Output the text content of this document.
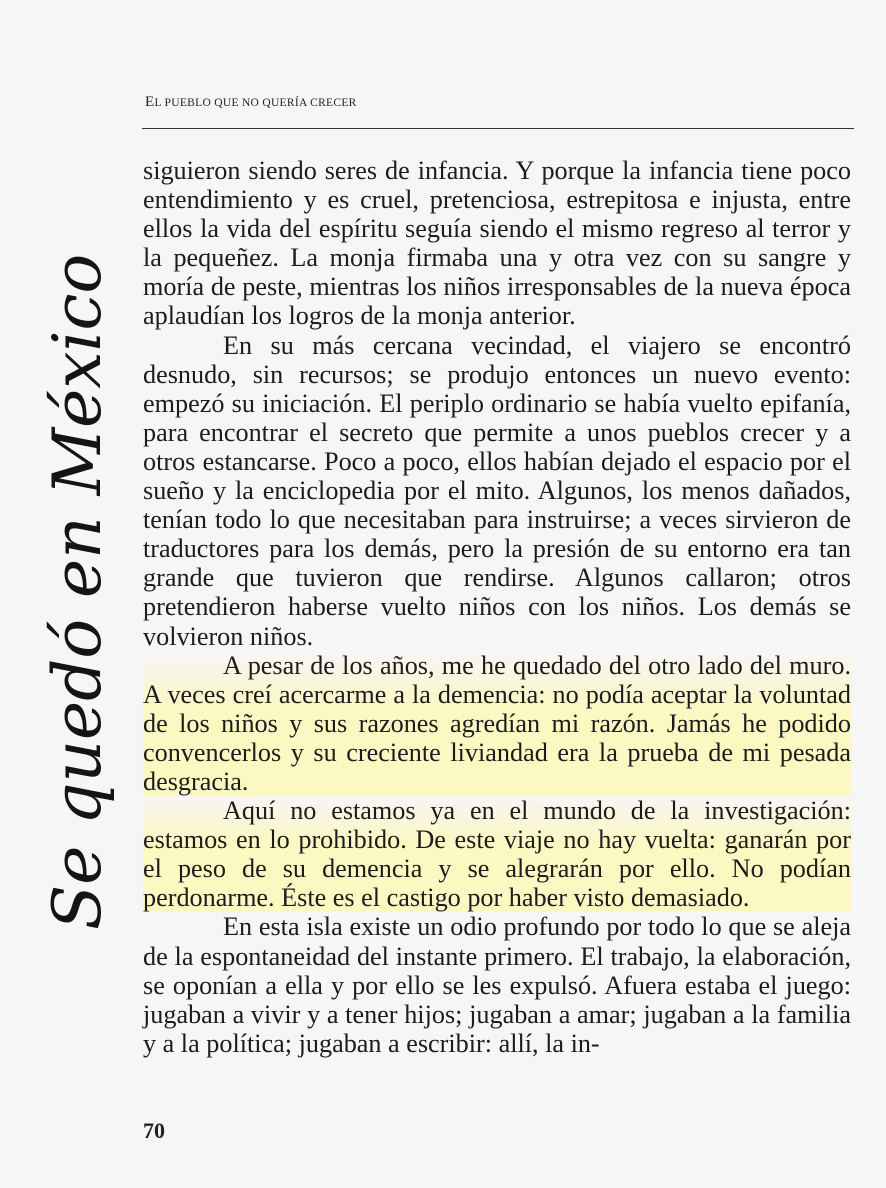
EL PUEBLO QUE NO QUERÍA CRECER

siguieron siendo seres de infancia. Y porque la infancia tiene poco entendimiento y es cruel, pretenciosa, estrepitosa e injusta, entre ellos la vida del espíritu seguía siendo el mismo regreso al terror y la pequeñez. La monja firmaba una y otra vez con su sangre y moría de peste, mientras los niños irresponsables de la nueva época aplaudían los logros de la monja anterior.

En su más cercana vecindad, el viajero se encontró desnudo, sin recursos; se produjo entonces un nuevo evento: empezó su iniciación. El periplo ordinario se había vuelto epifanía, para encontrar el secreto que permite a unos pueblos crecer y a otros estancarse. Poco a poco, ellos habían dejado el espacio por el sueño y la enciclopedia por el mito. Algunos, los menos dañados, tenían todo lo que necesitaban para instruirse; a veces sirvieron de traductores para los demás, pero la presión de su entorno era tan grande que tuvieron que rendirse. Algunos callaron; otros pretendieron haberse vuelto niños con los niños. Los demás se volvieron niños.

A pesar de los años, me he quedado del otro lado del muro. A veces creí acercarme a la demencia: no podía aceptar la voluntad de los niños y sus razones agredían mi razón. Jamás he podido convencerlos y su creciente liviandad era la prueba de mi pesada desgracia.

Aquí no estamos ya en el mundo de la investigación: estamos en lo prohibido. De este viaje no hay vuelta: ganarán por el peso de su demencia y se alegrarán por ello. No podían perdonarme. Éste es el castigo por haber visto demasiado.

En esta isla existe un odio profundo por todo lo que se aleja de la espontaneidad del instante primero. El trabajo, la elaboración, se oponían a ella y por ello se les expulsó. Afuera estaba el juego: jugaban a vivir y a tener hijos; jugaban a amar; jugaban a la familia y a la política; jugaban a escribir: allí, la in-

Se quedó en México
70
